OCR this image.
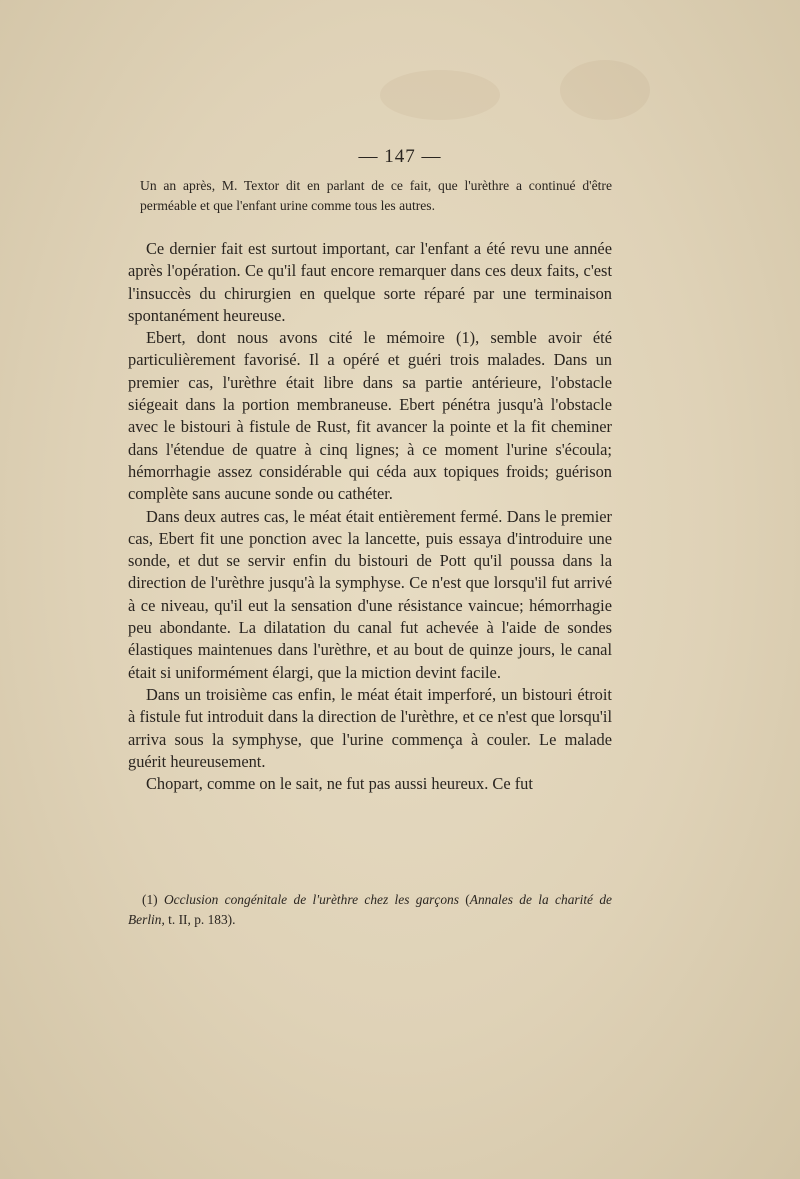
— 147 —
Un an après, M. Textor dit en parlant de ce fait, que l'urèthre a continué d'être perméable et que l'enfant urine comme tous les autres.

Ce dernier fait est surtout important, car l'enfant a été revu une année après l'opération. Ce qu'il faut encore remarquer dans ces deux faits, c'est l'insuccès du chirurgien en quelque sorte réparé par une terminaison spontanément heureuse.

Ebert, dont nous avons cité le mémoire (1), semble avoir été particulièrement favorisé. Il a opéré et guéri trois malades. Dans un premier cas, l'urèthre était libre dans sa partie antérieure, l'obstacle siégeait dans la portion membraneuse. Ebert pénétra jusqu'à l'obstacle avec le bistouri à fistule de Rust, fit avancer la pointe et la fit cheminer dans l'étendue de quatre à cinq lignes; à ce moment l'urine s'écoula; hémorrhagie assez considérable qui céda aux topiques froids; guérison complète sans aucune sonde ou cathéter.

Dans deux autres cas, le méat était entièrement fermé. Dans le premier cas, Ebert fit une ponction avec la lancette, puis essaya d'introduire une sonde, et dut se servir enfin du bistouri de Pott qu'il poussa dans la direction de l'urèthre jusqu'à la symphyse. Ce n'est que lorsqu'il fut arrivé à ce niveau, qu'il eut la sensation d'une résistance vaincue; hémorrhagie peu abondante. La dilatation du canal fut achevée à l'aide de sondes élastiques maintenues dans l'urèthre, et au bout de quinze jours, le canal était si uniformément élargi, que la miction devint facile.

Dans un troisième cas enfin, le méat était imperforé, un bistouri étroit à fistule fut introduit dans la direction de l'urèthre, et ce n'est que lorsqu'il arriva sous la symphyse, que l'urine commença à couler. Le malade guérit heureusement.

Chopart, comme on le sait, ne fut pas aussi heureux. Ce fut

(1) Occlusion congénitale de l'urèthre chez les garçons (Annales de la charité de Berlin, t. II, p. 183).
